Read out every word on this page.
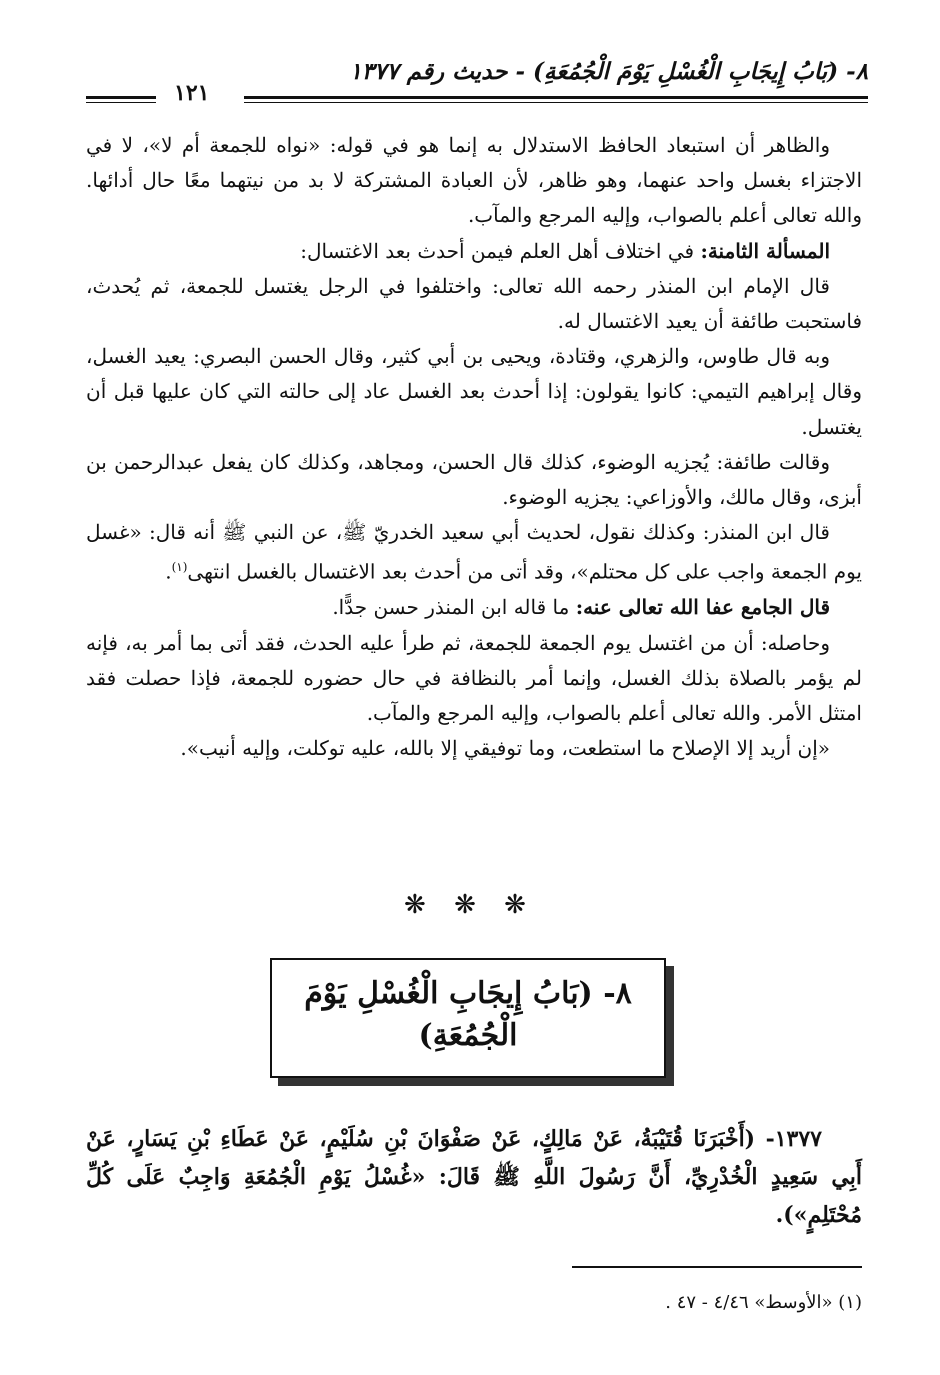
٨- (بَابُ إِيجَابِ الْغُسْلِ يَوْمَ الْجُمُعَةِ) - حديث رقم ١٣٧٧
١٢١

والظاهر أن استبعاد الحافظ الاستدلال به إنما هو في قوله: «نواه للجمعة أم لا»، لا في الاجتزاء بغسل واحد عنهما، وهو ظاهر، لأن العبادة المشتركة لا بد من نيتهما معًا حال أدائها. والله تعالى أعلم بالصواب، وإليه المرجع والمآب.

المسألة الثامنة: في اختلاف أهل العلم فيمن أحدث بعد الاغتسال:

قال الإمام ابن المنذر رحمه الله تعالى: واختلفوا في الرجل يغتسل للجمعة، ثم يُحدث، فاستحبت طائفة أن يعيد الاغتسال له.

وبه قال طاوس، والزهري، وقتادة، ويحيى بن أبي كثير، وقال الحسن البصري: يعيد الغسل، وقال إبراهيم التيمي: كانوا يقولون: إذا أحدث بعد الغسل عاد إلى حالته التي كان عليها قبل أن يغتسل.

وقالت طائفة: يُجزيه الوضوء، كذلك قال الحسن، ومجاهد، وكذلك كان يفعل عبدالرحمن بن أبزى، وقال مالك، والأوزاعي: يجزيه الوضوء.

قال ابن المنذر: وكذلك نقول، لحديث أبي سعيد الخدريّ ﷺ، عن النبي ﷺ أنه قال: «غسل يوم الجمعة واجب على كل محتلم»، وقد أتى من أحدث بعد الاغتسال بالغسل انتهى$^{(١)}$.

قال الجامع عفا الله تعالى عنه: ما قاله ابن المنذر حسن جدًّا.

وحاصله: أن من اغتسل يوم الجمعة للجمعة، ثم طرأ عليه الحدث، فقد أتى بما أمر به، فإنه لم يؤمر بالصلاة بذلك الغسل، وإنما أمر بالنظافة في حال حضوره للجمعة، فإذا حصلت فقد امتثل الأمر. والله تعالى أعلم بالصواب، وإليه المرجع والمآب.

«إن أريد إلا الإصلاح ما استطعت، وما توفيقي إلا بالله، عليه توكلت، وإليه أنيب».

❋ ❋ ❋
٨- (بَابُ إِيجَابِ الْغُسْلِ يَوْمَ
الْجُمُعَةِ)

١٣٧٧- (أَخْبَرَنَا قُتَيْبَةُ، عَنْ مَالِكٍ، عَنْ صَفْوَانَ بْنِ سُلَيْمٍ، عَنْ عَطَاءِ بْنِ يَسَارٍ، عَنْ أَبِي سَعِيدٍ الْخُدْرِيِّ، أَنَّ رَسُولَ اللَّهِ ﷺ قَالَ: «غُسْلُ يَوْمِ الْجُمُعَةِ وَاجِبٌ عَلَى كُلِّ مُحْتَلِمٍ»).

(١) «الأوسط» ٤/٤٦ - ٤٧ .
